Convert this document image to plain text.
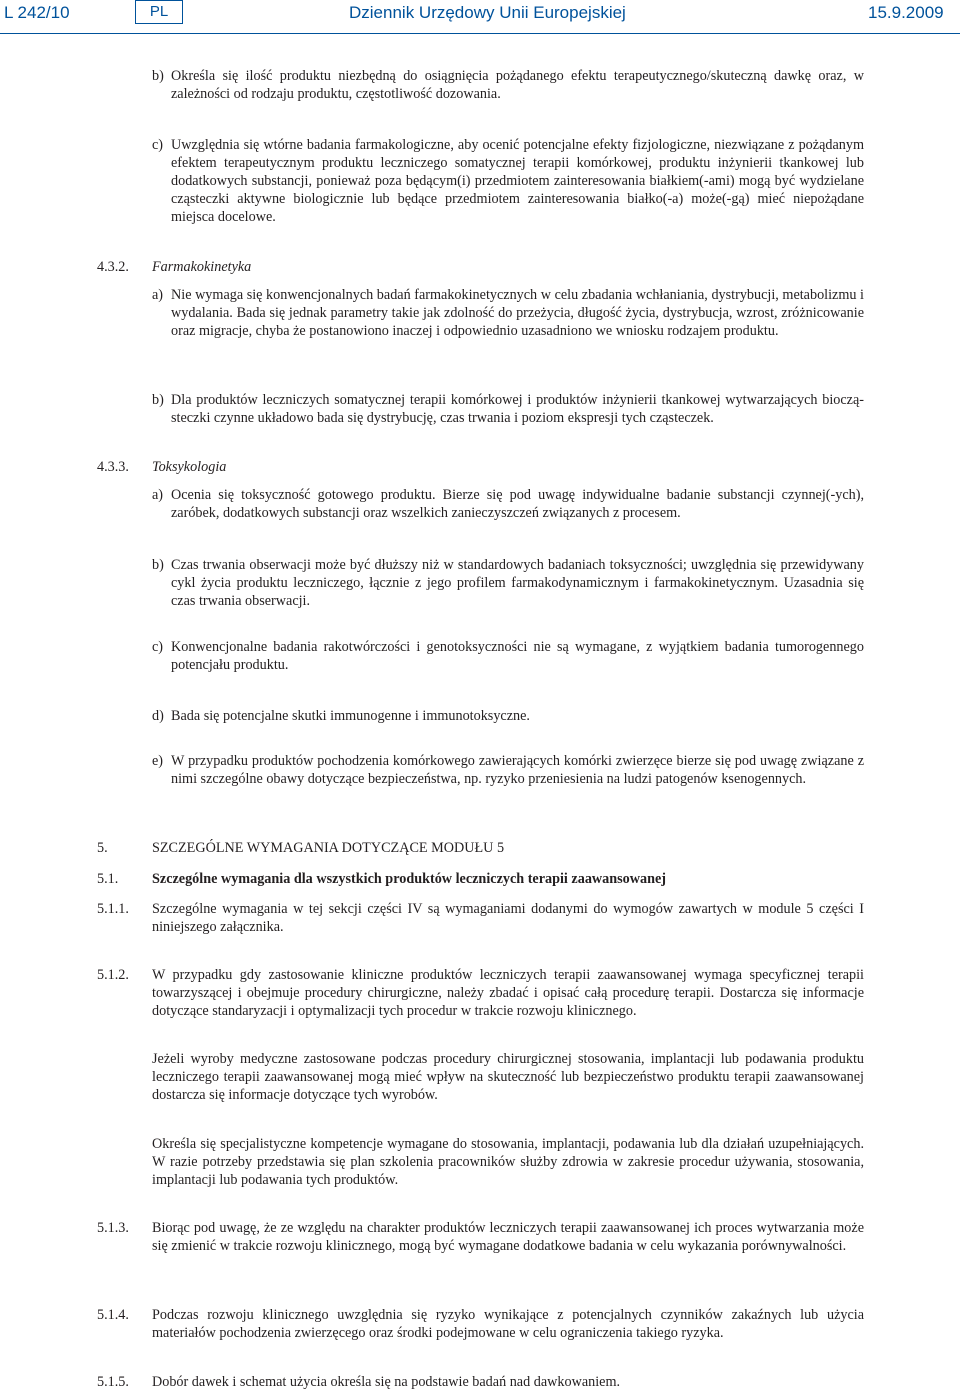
L 242/10	PL	Dziennik Urzędowy Unii Europejskiej	15.9.2009
b) Określa się ilość produktu niezbędną do osiągnięcia pożądanego efektu terapeutycznego/skuteczną dawkę oraz, w zależności od rodzaju produktu, częstotliwość dozowania.
c) Uwzględnia się wtórne badania farmakologiczne, aby ocenić potencjalne efekty fizjologiczne, niezwiązane z pożądanym efektem terapeutycznym produktu leczniczego somatycznej terapii komórkowej, produktu inżynierii tkankowej lub dodatkowych substancji, ponieważ poza będącym(i) przedmiotem zainteresowania białkiem(-ami) mogą być wydzielane cząsteczki aktywne biologicznie lub będące przedmiotem zainteresowania białko(-a) może(-gą) mieć niepożądane miejsca docelowe.
4.3.2. Farmakokinetyka
a) Nie wymaga się konwencjonalnych badań farmakokinetycznych w celu zbadania wchłaniania, dystrybucji, metabolizmu i wydalania. Bada się jednak parametry takie jak zdolność do przeżycia, długość życia, dystrybucja, wzrost, zróżnicowanie oraz migracje, chyba że postanowiono inaczej i odpowiednio uzasadniono we wniosku rodzajem produktu.
b) Dla produktów leczniczych somatycznej terapii komórkowej i produktów inżynierii tkankowej wytwarzających biocząsteczki czynne układowo bada się dystrybucję, czas trwania i poziom ekspresji tych cząsteczek.
4.3.3. Toksykologia
a) Ocenia się toksyczność gotowego produktu. Bierze się pod uwagę indywidualne badanie substancji czynnej(-ych), zaróbek, dodatkowych substancji oraz wszelkich zanieczyszczeń związanych z procesem.
b) Czas trwania obserwacji może być dłuższy niż w standardowych badaniach toksyczności; uwzględnia się przewidywany cykl życia produktu leczniczego, łącznie z jego profilem farmakodynamicznym i farmakokinetycznym. Uzasadnia się czas trwania obserwacji.
c) Konwencjonalne badania rakotwórczości i genotoksyczności nie są wymagane, z wyjątkiem badania tumorogennego potencjału produktu.
d) Bada się potencjalne skutki immunogenne i immunotoksyczne.
e) W przypadku produktów pochodzenia komórkowego zawierających komórki zwierzęce bierze się pod uwagę związane z nimi szczególne obawy dotyczące bezpieczeństwa, np. ryzyko przeniesienia na ludzi patogenów ksenogennych.
5.	SZCZEGÓLNE WYMAGANIA DOTYCZĄCE MODUŁU 5
5.1. Szczególne wymagania dla wszystkich produktów leczniczych terapii zaawansowanej
5.1.1. Szczególne wymagania w tej sekcji części IV są wymaganiami dodanymi do wymogów zawartych w module 5 części I niniejszego załącznika.
5.1.2. W przypadku gdy zastosowanie kliniczne produktów leczniczych terapii zaawansowanej wymaga specyficznej terapii towarzyszącej i obejmuje procedury chirurgiczne, należy zbadać i opisać całą procedurę terapii. Dostarcza się informacje dotyczące standaryzacji i optymalizacji tych procedur w trakcie rozwoju klinicznego.
Jeżeli wyroby medyczne zastosowane podczas procedury chirurgicznej stosowania, implantacji lub podawania produktu leczniczego terapii zaawansowanej mogą mieć wpływ na skuteczność lub bezpieczeństwo produktu terapii zaawansowanej dostarcza się informacje dotyczące tych wyrobów.
Określa się specjalistyczne kompetencje wymagane do stosowania, implantacji, podawania lub dla działań uzupełniających. W razie potrzeby przedstawia się plan szkolenia pracowników służby zdrowia w zakresie procedur używania, stosowania, implantacji lub podawania tych produktów.
5.1.3. Biorąc pod uwagę, że ze względu na charakter produktów leczniczych terapii zaawansowanej ich proces wytwarzania może się zmienić w trakcie rozwoju klinicznego, mogą być wymagane dodatkowe badania w celu wykazania porównywalności.
5.1.4. Podczas rozwoju klinicznego uwzględnia się ryzyko wynikające z potencjalnych czynników zakaźnych lub użycia materiałów pochodzenia zwierzęcego oraz środki podejmowane w celu ograniczenia takiego ryzyka.
5.1.5. Dobór dawek i schemat użycia określa się na podstawie badań nad dawkowaniem.
